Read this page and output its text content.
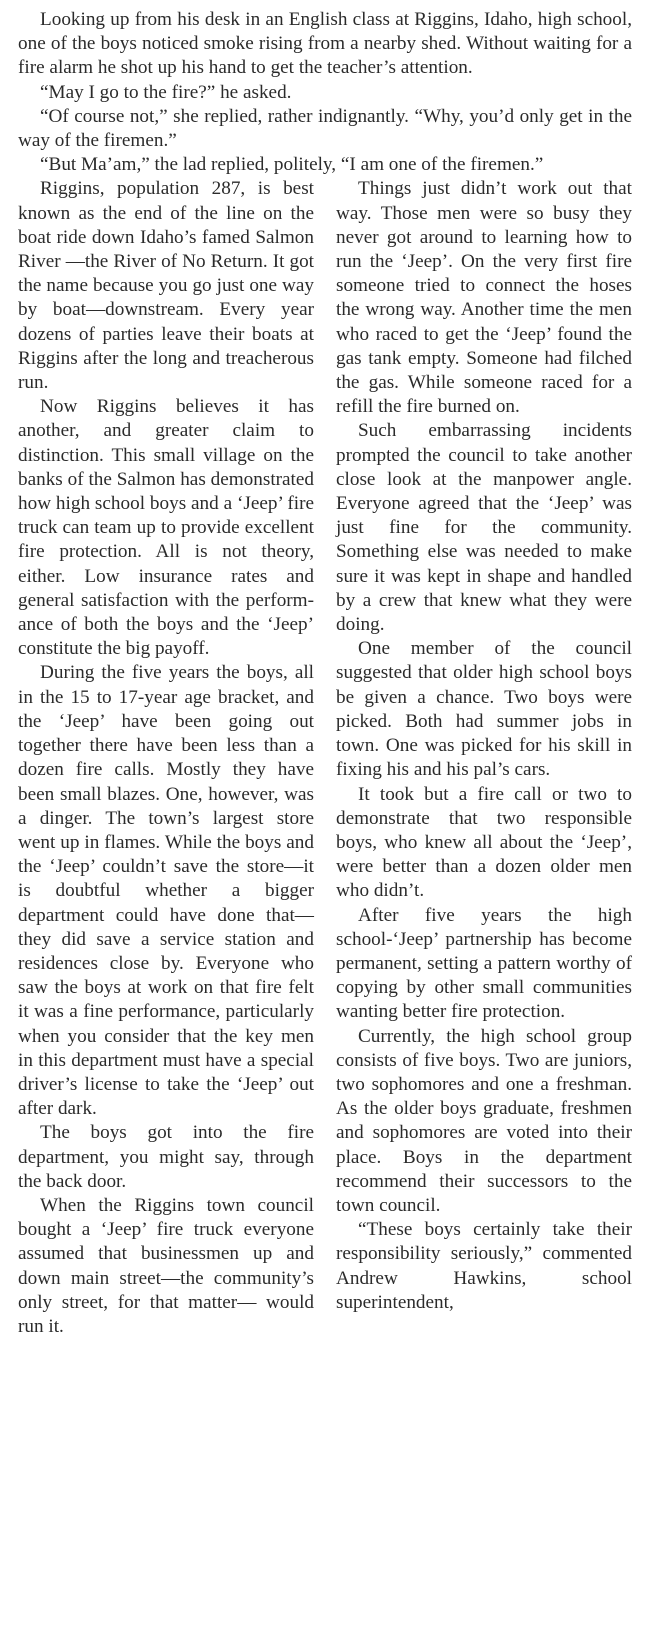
Looking up from his desk in an English class at Riggins, Idaho, high school, one of the boys noticed smoke rising from a nearby shed. Without waiting for a fire alarm he shot up his hand to get the teacher’s attention.

“May I go to the fire?” he asked.

“Of course not,” she replied, rather indignantly. “Why, you’d only get in the way of the firemen.”

“But Ma’am,” the lad replied, politely, “I am one of the firemen.”

Riggins, population 287, is best known as the end of the line on the boat ride down Idaho’s famed Salmon River —the River of No Return. It got the name because you go just one way by boat—downstream. Every year dozens of parties leave their boats at Riggins after the long and treacherous run.

Now Riggins believes it has another, and greater claim to distinction. This small village on the banks of the Salmon has demonstrated how high school boys and a ‘Jeep’ fire truck can team up to provide excellent fire protection. All is not theory, either. Low insurance rates and general satisfaction with the performance of both the boys and the ‘Jeep’ constitute the big payoff.

During the five years the boys, all in the 15 to 17-year age bracket, and the ‘Jeep’ have been going out together there have been less than a dozen fire calls. Mostly they have been small blazes. One, however, was a dinger. The town’s largest store went up in flames. While the boys and the ‘Jeep’ couldn’t save the store—it is doubtful whether a bigger department could have done that—they did save a service station and residences close by. Everyone who saw the boys at work on that fire felt it was a fine performance, particularly when you consider that the key men in this department must have a special driver’s license to take the ‘Jeep’ out after dark.

The boys got into the fire department, you might say, through the back door.

When the Riggins town council bought a ‘Jeep’ fire truck everyone assumed that businessmen up and down main street—the community’s only street, for that matter— would run it.

Things just didn’t work out that way. Those men were so busy they never got around to learning how to run the ‘Jeep’. On the very first fire someone tried to connect the hoses the wrong way. Another time the men who raced to get the ‘Jeep’ found the gas tank empty. Someone had filched the gas. While someone raced for a refill the fire burned on.

Such embarrassing incidents prompted the council to take another close look at the manpower angle. Everyone agreed that the ‘Jeep’ was just fine for the community. Something else was needed to make sure it was kept in shape and handled by a crew that knew what they were doing.

One member of the council suggested that older high school boys be given a chance. Two boys were picked. Both had summer jobs in town. One was picked for his skill in fixing his and his pal’s cars.

It took but a fire call or two to demonstrate that two responsible boys, who knew all about the ‘Jeep’, were better than a dozen older men who didn’t.

After five years the high school-‘Jeep’ partnership has become permanent, setting a pattern worthy of copying by other small communities wanting better fire protection.

Currently, the high school group consists of five boys. Two are juniors, two sophomores and one a freshman. As the older boys graduate, freshmen and sophomores are voted into their place. Boys in the department recommend their successors to the town council.

“These boys certainly take their responsibility seriously,” commented Andrew Hawkins, school superintendent,
